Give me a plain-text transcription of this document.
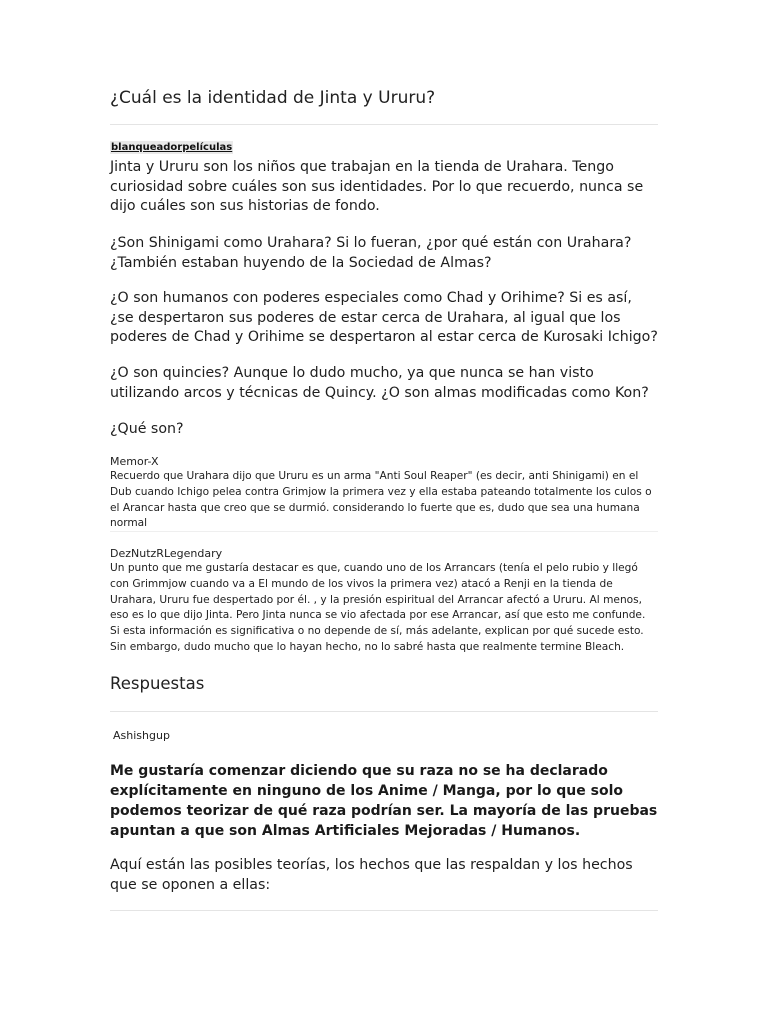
¿Cuál es la identidad de Jinta y Ururu?
blanqueadorpelículas
Jinta y Ururu son los niños que trabajan en la tienda de Urahara. Tengo curiosidad sobre cuáles son sus identidades. Por lo que recuerdo, nunca se dijo cuáles son sus historias de fondo.
¿Son Shinigami como Urahara? Si lo fueran, ¿por qué están con Urahara? ¿También estaban huyendo de la Sociedad de Almas?
¿O son humanos con poderes especiales como Chad y Orihime? Si es así, ¿se despertaron sus poderes de estar cerca de Urahara, al igual que los poderes de Chad y Orihime se despertaron al estar cerca de Kurosaki Ichigo?
¿O son quincies? Aunque lo dudo mucho, ya que nunca se han visto utilizando arcos y técnicas de Quincy. ¿O son almas modificadas como Kon?
¿Qué son?
Memor-X
Recuerdo que Urahara dijo que Ururu es un arma "Anti Soul Reaper" (es decir, anti Shinigami) en el Dub cuando Ichigo pelea contra Grimjow la primera vez y ella estaba pateando totalmente los culos o el Arancar hasta que creo que se durmió. considerando lo fuerte que es, dudo que sea una humana normal
DezNutzRLegendary
Un punto que me gustaría destacar es que, cuando uno de los Arrancars (tenía el pelo rubio y llegó con Grimmjow cuando va a El mundo de los vivos la primera vez) atacó a Renji en la tienda de Urahara, Ururu fue despertado por él. , y la presión espiritual del Arrancar afectó a Ururu. Al menos, eso es lo que dijo Jinta. Pero Jinta nunca se vio afectada por ese Arrancar, así que esto me confunde. Si esta información es significativa o no depende de sí, más adelante, explican por qué sucede esto. Sin embargo, dudo mucho que lo hayan hecho, no lo sabré hasta que realmente termine Bleach.
Respuestas
Ashishgup
Me gustaría comenzar diciendo que su raza no se ha declarado explícitamente en ninguno de los Anime / Manga, por lo que solo podemos teorizar de qué raza podrían ser. La mayoría de las pruebas apuntan a que son Almas Artificiales Mejoradas / Humanos.
Aquí están las posibles teorías, los hechos que las respaldan y los hechos que se oponen a ellas:
